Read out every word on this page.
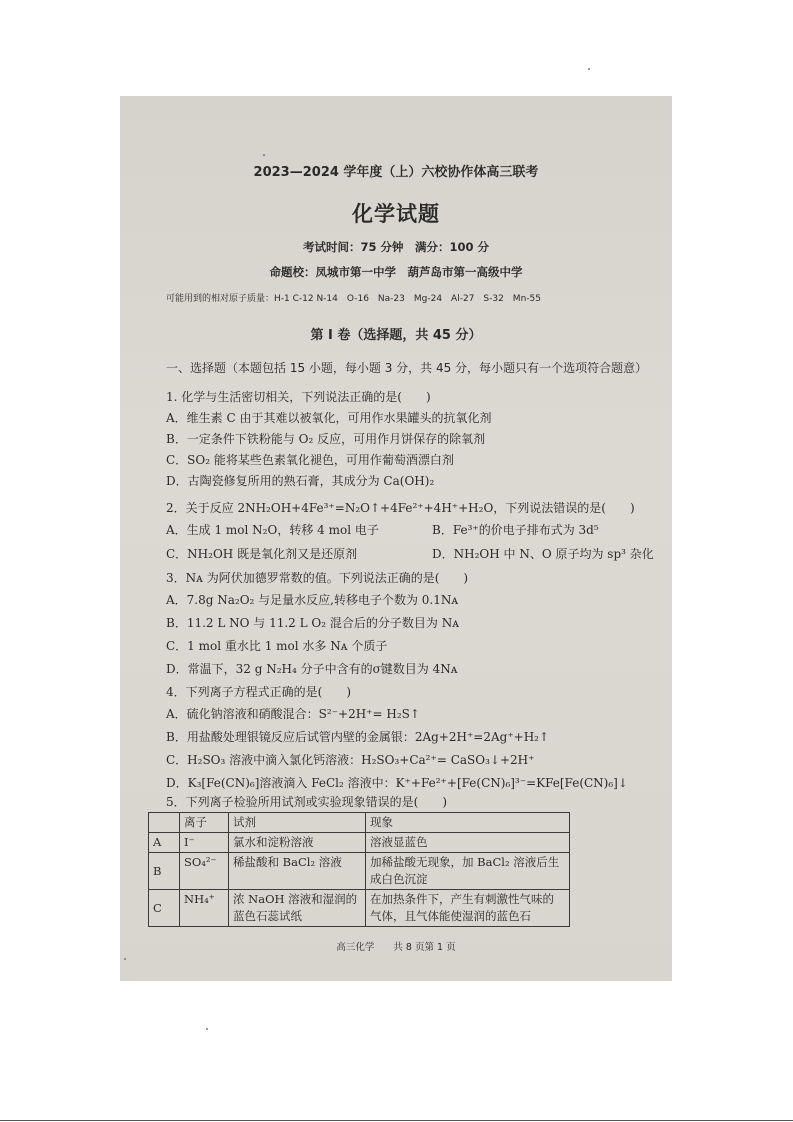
2023—2024 学年度（上）六校协作体高三联考
化学试题
考试时间：75 分钟　满分：100 分
命题校：凤城市第一中学　葫芦岛市第一高级中学
可能用到的相对原子质量：H-1 C-12 N-14　O-16　Na-23　Mg-24　Al-27　S-32　Mn-55
第 I 卷（选择题，共 45 分）
一、选择题（本题包括 15 小题，每小题 3 分，共 45 分，每小题只有一个选项符合题意）
1. 化学与生活密切相关，下列说法正确的是(　　)
A．维生素 C 由于其难以被氧化，可用作水果罐头的抗氧化剂
B．一定条件下铁粉能与 O₂ 反应，可用作月饼保存的除氧剂
C．SO₂ 能将某些色素氧化褪色，可用作葡萄酒漂白剂
D．古陶瓷修复所用的熟石膏，其成分为 Ca(OH)₂
2．关于反应 2NH₂OH+4Fe³⁺=N₂O↑+4Fe²⁺+4H⁺+H₂O，下列说法错误的是(　　)
A．生成 1 mol N₂O，转移 4 mol 电子	B．Fe³⁺的价电子排布式为 3d⁵
C．NH₂OH 既是氧化剂又是还原剂	D．NH₂OH 中 N、O 原子均为 sp³ 杂化
3．Nᴀ 为阿伏加德罗常数的值。下列说法正确的是(　　)
A．7.8g Na₂O₂ 与足量水反应,转移电子个数为 0.1Nᴀ
B．11.2 L NO 与 11.2 L O₂ 混合后的分子数目为 Nᴀ
C．1 mol 重水比 1 mol 水多 Nᴀ 个质子
D．常温下，32 g N₂H₄ 分子中含有的σ键数目为 4Nᴀ
4．下列离子方程式正确的是(　　)
A．硫化钠溶液和硝酸混合：S²⁻+2H⁺= H₂S↑
B．用盐酸处理银镜反应后试管内壁的金属银：2Ag+2H⁺=2Ag⁺+H₂↑
C．H₂SO₃ 溶液中滴入氯化钙溶液：H₂SO₃+Ca²⁺= CaSO₃↓+2H⁺
D．K₃[Fe(CN)₆]溶液滴入 FeCl₂ 溶液中：K⁺+Fe²⁺+[Fe(CN)₆]³⁻=KFe[Fe(CN)₆]↓
5．下列离子检验所用试剂或实验现象错误的是(　　)
	离子	试剂	现象
A	I⁻	氯水和淀粉溶液	溶液显蓝色
B	SO₄²⁻	稀盐酸和 BaCl₂ 溶液	加稀盐酸无现象，加 BaCl₂ 溶液后生成白色沉淀
C	NH₄⁺	浓 NaOH 溶液和湿润的蓝色石蕊试纸	在加热条件下，产生有刺激性气味的气体，且气体能使湿润的蓝色石
高三化学　　共 8 页第 1 页
